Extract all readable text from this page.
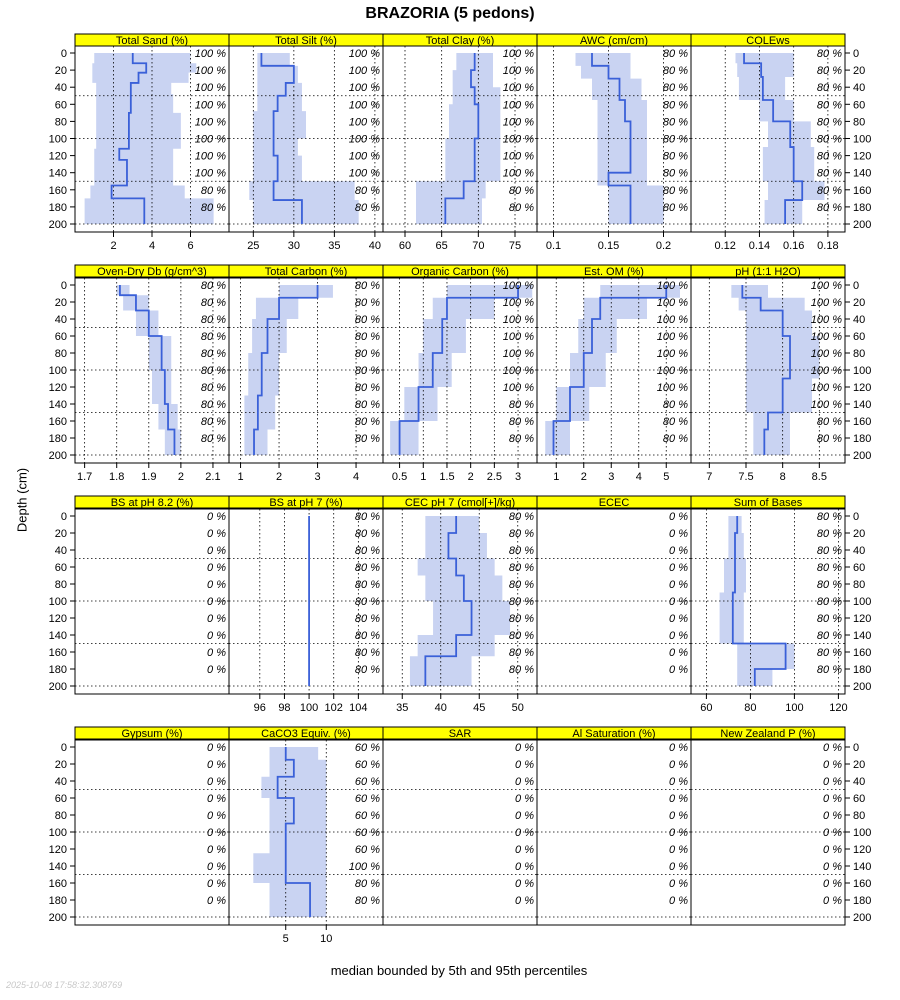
BRAZORIA (5 pedons)
100 %
100 %
100 %
100 %
100 %
100 %
100 %
100 %
80 %
80 %
Total Sand (%)
2	4	6
0
20
40
60
80
100
120
140
160
180
200
100 %
100 %
100 %
100 %
100 %
100 %
100 %
100 %
80 %
80 %
Total Silt (%)
25	30	35	40
100 %
100 %
100 %
100 %
100 %
100 %
100 %
100 %
80 %
80 %
Total Clay (%)
60 65 70 75
80 %
80 %
80 %
80 %
80 %
80 %
80 %
80 %
80 %
80 %
AWC (cm/cm)
0.1	0.15	0.2
80 %
80 %
80 %
80 %
80 %
80 %
80 %
80 %
80 %
80 %
COLEws
0.12 0.14 0.16 0.18
0
20
40
60
80
100
120
140
160
180
200
80 %
80 %
80 %
80 %
80 %
80 %
80 %
80 %
80 %
80 %
Oven-Dry Db (g/cm^3)
1.7 1.8 1.9 2 2.1
0
20
40
60
80
100
120
140
160
180
200
80 %
80 %
80 %
80 %
80 %
80 %
80 %
80 %
80 %
80 %
Total Carbon (%)
1	2	3	4
100 %
100 %
100 %
100 %
100 %
100 %
100 %
80 %
80 %
80 %
Organic Carbon (%)
0.5 1 1.5 2 2.5 3
100 %
100 %
100 %
100 %
100 %
100 %
100 %
80 %
80 %
80 %
Est. OM (%)
1 2 3 4 5
100 %
100 %
100 %
100 %
100 %
100 %
100 %
100 %
80 %
80 %
pH (1:1 H2O)
7 7.5 8 8.5
0
20
40
60
80
100
120
140
160
180
200
0 %
0 %
0 %
0 %
0 %
0 %
0 %
0 %
0 %
0 %
BS at pH 8.2 (%)
0
20
40
60
80
100
120
140
160
180
200
80 %
80 %
80 %
80 %
80 %
80 %
80 %
80 %
80 %
80 %
BS at pH 7 (%)
96 98 100 102 104
80 %
80 %
80 %
80 %
80 %
80 %
80 %
80 %
80 %
80 %
CEC pH 7 (cmol[+]/kg)
35 40 45 50
0 %
0 %
0 %
0 %
0 %
0 %
0 %
0 %
0 %
0 %
ECEC
80 %
80 %
80 %
80 %
80 %
80 %
80 %
80 %
80 %
80 %
Sum of Bases
60	80	100 120
0
20
40
60
80
100
120
140
160
180
200
0 %
0 %
0 %
0 %
0 %
0 %
0 %
0 %
0 %
0 %
Gypsum (%)
0
20
40
60
80
100
120
140
160
180
200
60 %
60 %
60 %
60 %
60 %
60 %
60 %
100 %
80 %
80 %
CaCO3 Equiv. (%)
5	10
0 %
0 %
0 %
0 %
0 %
0 %
0 %
0 %
0 %
0 %
SAR
0 %
0 %
0 %
0 %
0 %
0 %
0 %
0 %
0 %
0 %
Al Saturation (%)
0 %
0 %
0 %
0 %
0 %
0 %
0 %
0 %
0 %
0 %
New Zealand P (%)
0
20
40
60
80
100
120
140
160
180
200
Depth (cm)
median bounded by 5th and 95th percentiles
2025-10-08 17:58:32.308769
